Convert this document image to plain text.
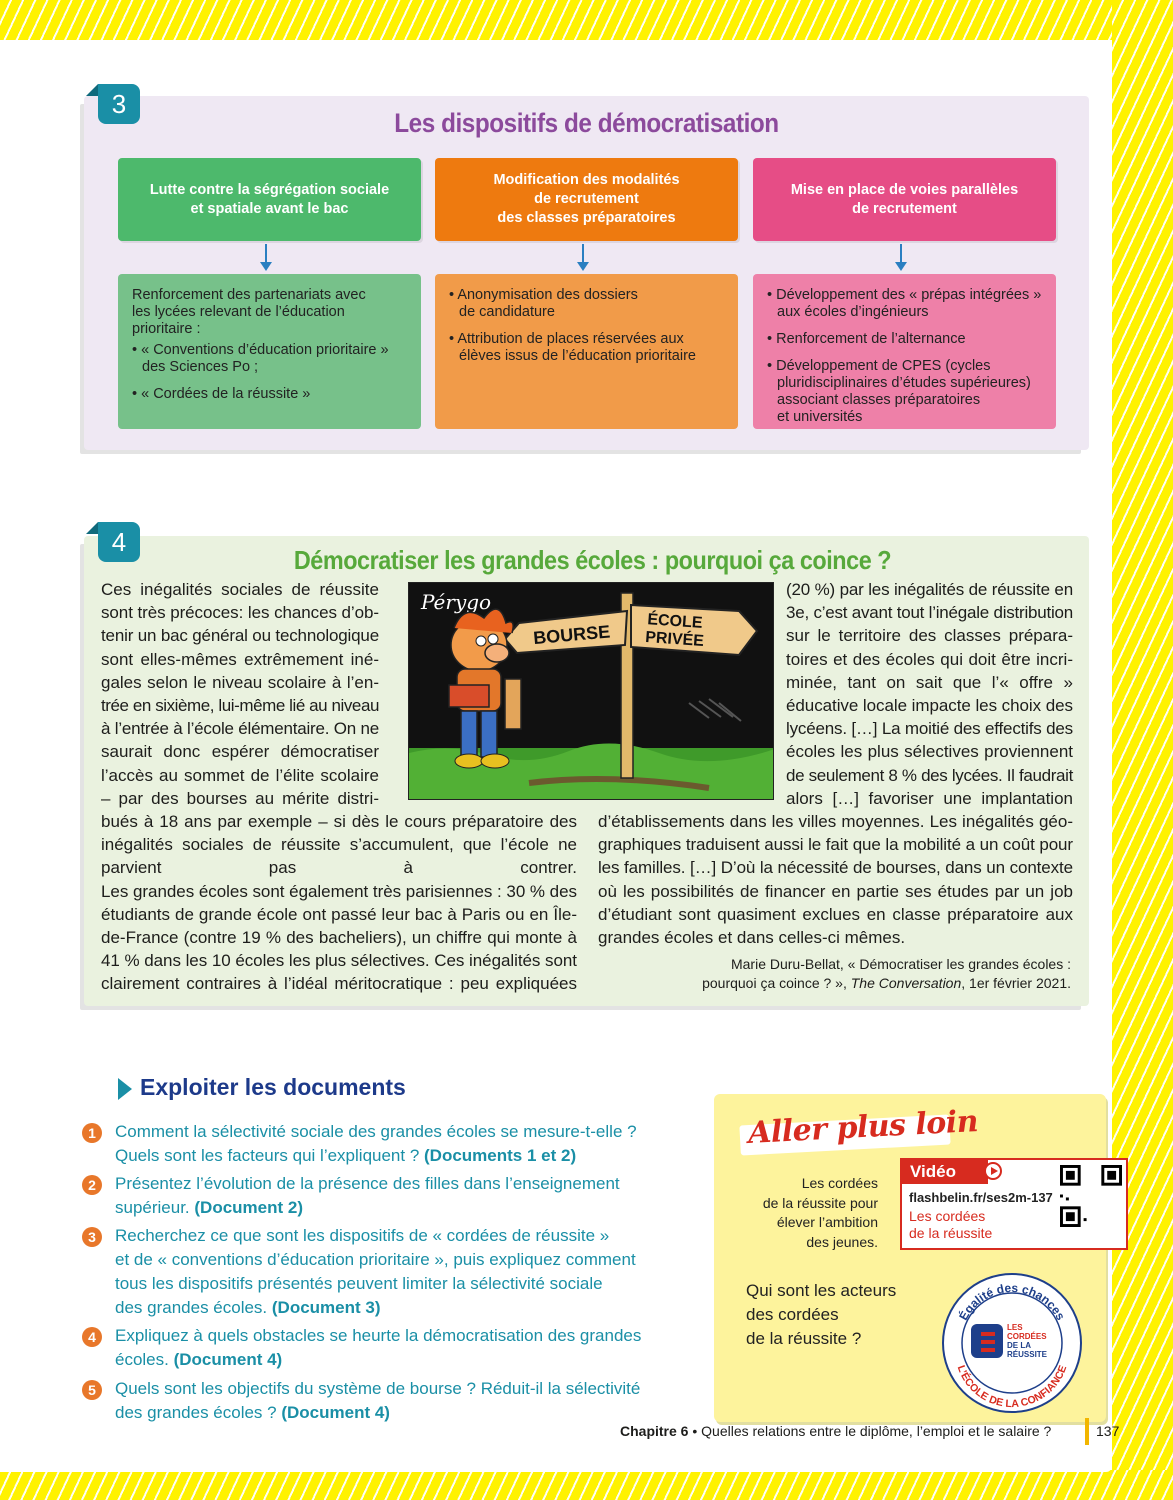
3
Les dispositifs de démocratisation
Lutte contre la ségrégation sociale
et spatiale avant le bac
Renforcement des partenariats avec
les lycées relevant de l’éducation
prioritaire :
• « Conventions d’éducation prioritaire »
des Sciences Po ;
• « Cordées de la réussite »
Modification des modalités
de recrutement
des classes préparatoires
• Anonymisation des dossiers
de candidature
• Attribution de places réservées aux
élèves issus de l’éducation prioritaire
Mise en place de voies parallèles
de recrutement
• Développement des « prépas intégrées »
aux écoles d’ingénieurs
• Renforcement de l’alternance
• Développement de CPES (cycles
pluridisciplinaires d’études supérieures)
associant classes préparatoires
et universités
4
Démocratiser les grandes écoles : pourquoi ça coince ?
Ces inégalités sociales de réussite
sont très précoces: les chances d’ob-
tenir un bac général ou technologique
sont elles-mêmes extrêmement iné-
gales selon le niveau scolaire à l’en-
trée en sixième, lui-même lié au niveau
à l’entrée à l’école élémentaire. On ne
saurait donc espérer démocratiser
l’accès au sommet de l’élite scolaire
– par des bourses au mérite distri-
bués à 18 ans par exemple – si dès le cours préparatoire des
inégalités sociales de réussite s’accumulent, que l’école ne
parvient pas à contrer.
Les grandes écoles sont également très parisiennes : 30 % des
étudiants de grande école ont passé leur bac à Paris ou en Île-
de-France (contre 19 % des bacheliers), un chiffre qui monte à
41 % dans les 10 écoles les plus sélectives. Ces inégalités sont
clairement contraires à l’idéal méritocratique : peu expliquées
(20 %) par les inégalités de réussite en
3e, c’est avant tout l’inégale distribution
sur le territoire des classes prépara-
toires et des écoles qui doit être incri-
minée, tant on sait que l’« offre »
éducative locale impacte les choix des
lycéens. […] La moitié des effectifs des
écoles les plus sélectives proviennent
de seulement 8 % des lycées. Il faudrait
alors […] favoriser une implantation
d’établissements dans les villes moyennes. Les inégalités géo-
graphiques traduisent aussi le fait que la mobilité a un coût pour
les familles. […] D’où la nécessité de bourses, dans un contexte
où les possibilités de financer en partie ses études par un job
d’étudiant sont quasiment exclues en classe préparatoire aux
grandes écoles et dans celles-ci mêmes.
Marie Duru-Bellat, « Démocratiser les grandes écoles :
pourquoi ça coince ? », The Conversation, 1er février 2021.
BOURSE ÉCOLE
PRIVÉE
Pérygo
Exploiter les documents
1	Comment la sélectivité sociale des grandes écoles se mesure-t-elle ?
Quels sont les facteurs qui l’expliquent ? (Documents 1 et 2)
2	Présentez l’évolution de la présence des filles dans l’enseignement
supérieur. (Document 2)
3	Recherchez ce que sont les dispositifs de « cordées de réussite »
et de « conventions d’éducation prioritaire », puis expliquez comment
tous les dispositifs présentés peuvent limiter la sélectivité sociale
des grandes écoles. (Document 3)
4	Expliquez à quels obstacles se heurte la démocratisation des grandes
écoles. (Document 4)
5	Quels sont les objectifs du système de bourse ? Réduit-il la sélectivité
des grandes écoles ? (Document 4)
Aller plus loin
Les cordées
de la réussite pour
élever l’ambition
des jeunes.
Vidéo
flashbelin.fr/ses2m-137
Les cordées
de la réussite
Qui sont les acteurs
des cordées
de la réussite ?
Égalité des chances
L’ÉCOLE DE LA CONFIANCE
LES
CORDÉES
DE LA
RÉUSSITE
Chapitre 6 • Quelles relations entre le diplôme, l’emploi et le salaire ?	137
